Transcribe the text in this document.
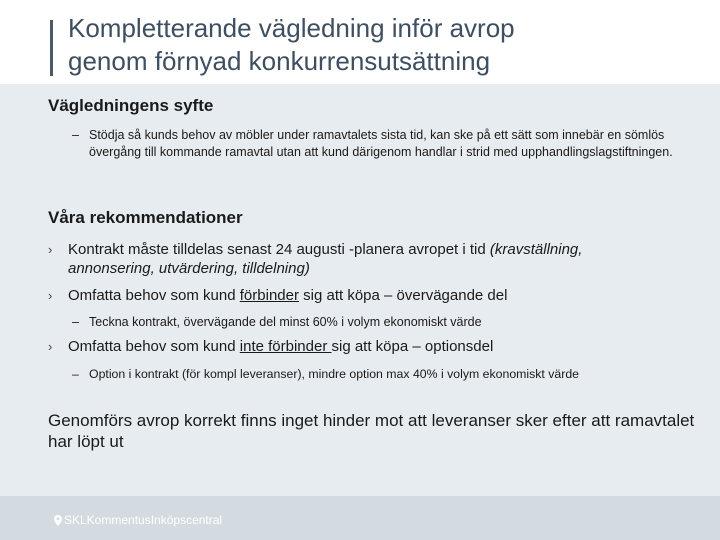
Kompletterande vägledning inför avrop
genom förnyad konkurrensutsättning
Vägledningens syfte
– Stödja så kunds behov av möbler under ramavtalets sista tid, kan ske på ett sätt som innebär en sömlös övergång till kommande ramavtal utan att kund därigenom handlar i strid med upphandlingslagstiftningen.
Våra rekommendationer
› Kontrakt måste tilldelas senast 24 augusti -planera avropet i tid (kravställning, annonsering, utvärdering, tilldelning)
› Omfatta behov som kund förbinder sig att köpa – övervägande del
– Teckna kontrakt, övervägande del minst 60% i volym ekonomiskt värde
› Omfatta behov som kund inte förbinder sig att köpa – optionsdel
– Option i kontrakt (för kompl leveranser), mindre option max 40% i volym ekonomiskt värde
Genomförs avrop korrekt finns inget hinder mot att leveranser sker efter att ramavtalet har löpt ut
SKLKommentusInköpscentral
